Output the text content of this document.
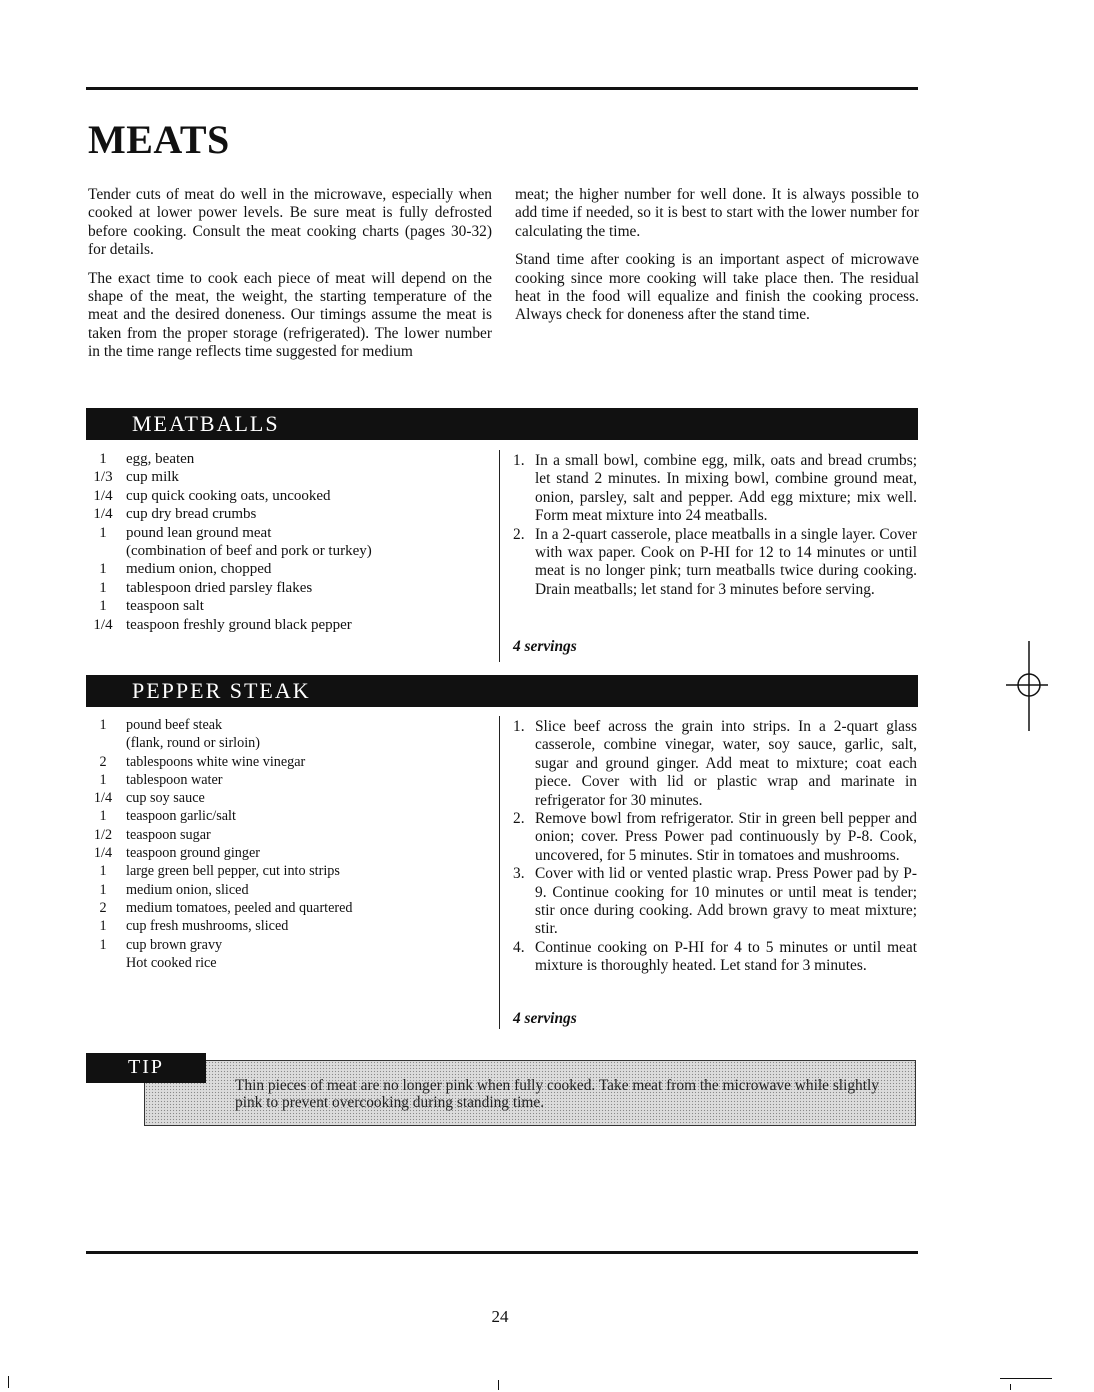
MEATS

Tender cuts of meat do well in the microwave, especially when cooked at lower power levels. Be sure meat is fully defrosted before cooking. Consult the meat cooking charts (pages 30-32) for details.

The exact time to cook each piece of meat will depend on the shape of the meat, the weight, the starting temperature of the meat and the desired doneness. Our timings assume the meat is taken from the proper storage (refrigerated). The lower number in the time range reflects time suggested for medium

meat; the higher number for well done. It is always possible to add time if needed, so it is best to start with the lower number for calculating the time.

Stand time after cooking is an important aspect of microwave cooking since more cooking will take place then. The residual heat in the food will equalize and finish the cooking process. Always check for doneness after the stand time.

MEATBALLS
1	egg, beaten
1/3 cup milk
1/4 cup quick cooking oats, uncooked
1/4 cup dry bread crumbs
1	pound lean ground meat
(combination of beef and pork or turkey)
1	medium onion, chopped
1	tablespoon dried parsley flakes
1	teaspoon salt
1/4 teaspoon freshly ground black pepper
1. In a small bowl, combine egg, milk, oats and bread crumbs; let stand 2 minutes. In mixing bowl, combine ground meat, onion, parsley, salt and pepper. Add egg mixture; mix well. Form meat mixture into 24 meatballs.
2. In a 2-quart casserole, place meatballs in a single layer. Cover with wax paper. Cook on P-HI for 12 to 14 minutes or until meat is no longer pink; turn meatballs twice during cooking. Drain meatballs; let stand for 3 minutes before serving.
4 servings
PEPPER STEAK
1	pound beef steak
(flank, round or sirloin)
2	tablespoons white wine vinegar
1	tablespoon water
1/4 cup soy sauce
1	teaspoon garlic/salt
1/2 teaspoon sugar
1/4 teaspoon ground ginger
1	large green bell pepper, cut into strips
1	medium onion, sliced
2	medium tomatoes, peeled and quartered
1	cup fresh mushrooms, sliced
1	cup brown gravy
Hot cooked rice
1. Slice beef across the grain into strips. In a 2-quart glass casserole, combine vinegar, water, soy sauce, garlic, salt, sugar and ground ginger. Add meat to mixture; coat each piece. Cover with lid or plastic wrap and marinate in refrigerator for 30 minutes.
2. Remove bowl from refrigerator. Stir in green bell pepper and onion; cover. Press Power pad continuously by P-8. Cook, uncovered, for 5 minutes. Stir in tomatoes and mushrooms.
3. Cover with lid or vented plastic wrap. Press Power pad by P-9. Continue cooking for 10 minutes or until meat is tender; stir once during cooking. Add brown gravy to meat mixture; stir.
4. Continue cooking on P-HI for 4 to 5 minutes or until meat mixture is thoroughly heated. Let stand for 3 minutes.
4 servings
Thin pieces of meat are no longer pink when fully cooked. Take meat from the microwave while slightly pink to prevent overcooking during standing time.
TIP
24
